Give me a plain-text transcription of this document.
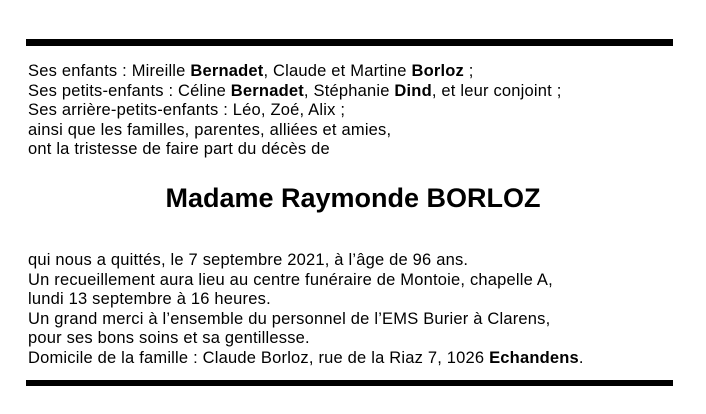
Ses enfants : Mireille Bernadet, Claude et Martine Borloz ;
Ses petits-enfants : Céline Bernadet, Stéphanie Dind, et leur conjoint ;
Ses arrière-petits-enfants : Léo, Zoé, Alix ;
ainsi que les familles, parentes, alliées et amies,
ont la tristesse de faire part du décès de
Madame Raymonde BORLOZ
qui nous a quittés, le 7 septembre 2021, à l’âge de 96 ans.
Un recueillement aura lieu au centre funéraire de Montoie, chapelle A,
lundi 13 septembre à 16 heures.
Un grand merci à l’ensemble du personnel de l’EMS Burier à Clarens,
pour ses bons soins et sa gentillesse.
Domicile de la famille : Claude Borloz, rue de la Riaz 7, 1026 Echandens.
